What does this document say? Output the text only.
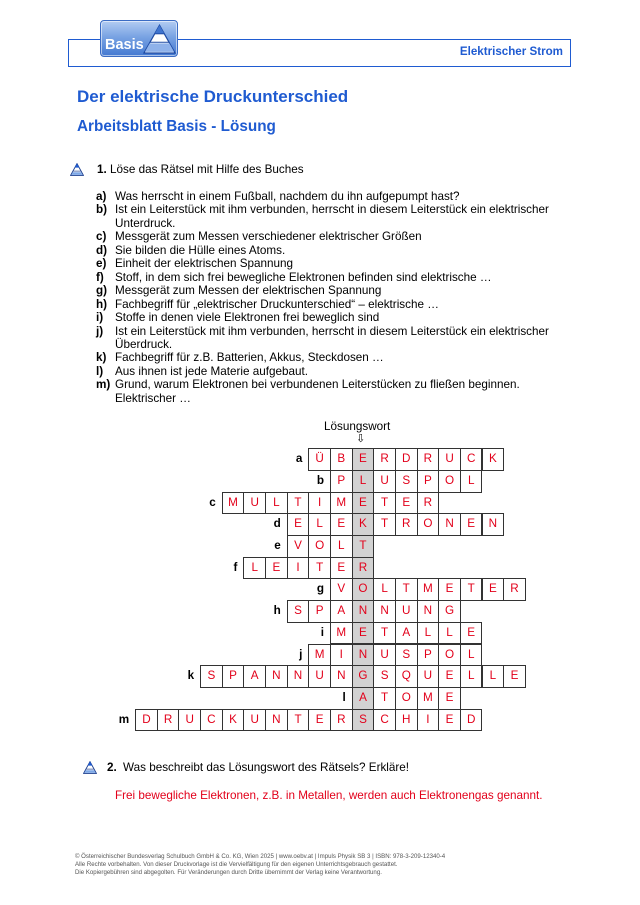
Basis	Elektrischer Strom
Der elektrische Druckunterschied
Arbeitsblatt Basis - Lösung
1. Löse das Rätsel mit Hilfe des Buches
a) Was herrscht in einem Fußball, nachdem du ihn aufgepumpt hast?
b) Ist ein Leiterstück mit ihm verbunden, herrscht in diesem Leiterstück ein elektrischer
Unterdruck.
c) Messgerät zum Messen verschiedener elektrischer Größen
d) Sie bilden die Hülle eines Atoms.
e) Einheit der elektrischen Spannung
f) Stoff, in dem sich frei bewegliche Elektronen befinden sind elektrische …
g) Messgerät zum Messen der elektrischen Spannung
h) Fachbegriff für „elektrischer Druckunterschied“ – elektrische …
i)	Stoffe in denen viele Elektronen frei beweglich sind
j)	Ist ein Leiterstück mit ihm verbunden, herrscht in diesem Leiterstück ein elektrischer
Überdruck.
k) Fachbegriff für z.B. Batterien, Akkus, Steckdosen …
l)	Aus ihnen ist jede Materie aufgebaut.
m) Grund, warum Elektronen bei verbundenen Leiterstücken zu fließen beginnen.
Elektrischer …
Lösungswort
⇩
a	Ü	B	E	R	D	R	U	C	K
b	P	L	U	S	P	O	L
c	M	U	L	T	I	M	E	T	E	R
d	E	L	E	K	T	R	O	N	E	N
e	V	O	L	T
f	L	E	I	T	E	R
g	V	O	L	T	M	E	T	E	R
h	S	P	A	N	N	U	N	G
i	M	E	T	A	L	L	E
j	M	I	N	U	S	P	O	L
k	S	P	A	N	N	U	N	G	S	Q	U	E	L	L	E
l	A	T	O	M	E
m	D	R	U	C	K	U	N	T	E	R	S	C	H	I	E	D
2. Was beschreibt das Lösungswort des Rätsels? Erkläre!
Frei bewegliche Elektronen, z.B. in Metallen, werden auch Elektronengas genannt.
© Österreichischer Bundesverlag Schulbuch GmbH & Co. KG, Wien 2025 | www.oebv.at | Impuls Physik SB 3 | ISBN: 978-3-209-12340-4
Alle Rechte vorbehalten. Von dieser Druckvorlage ist die Vervielfältigung für den eigenen Unterrichtsgebrauch gestattet.
Die Kopiergebühren sind abgegolten. Für Veränderungen durch Dritte übernimmt der Verlag keine Verantwortung.
